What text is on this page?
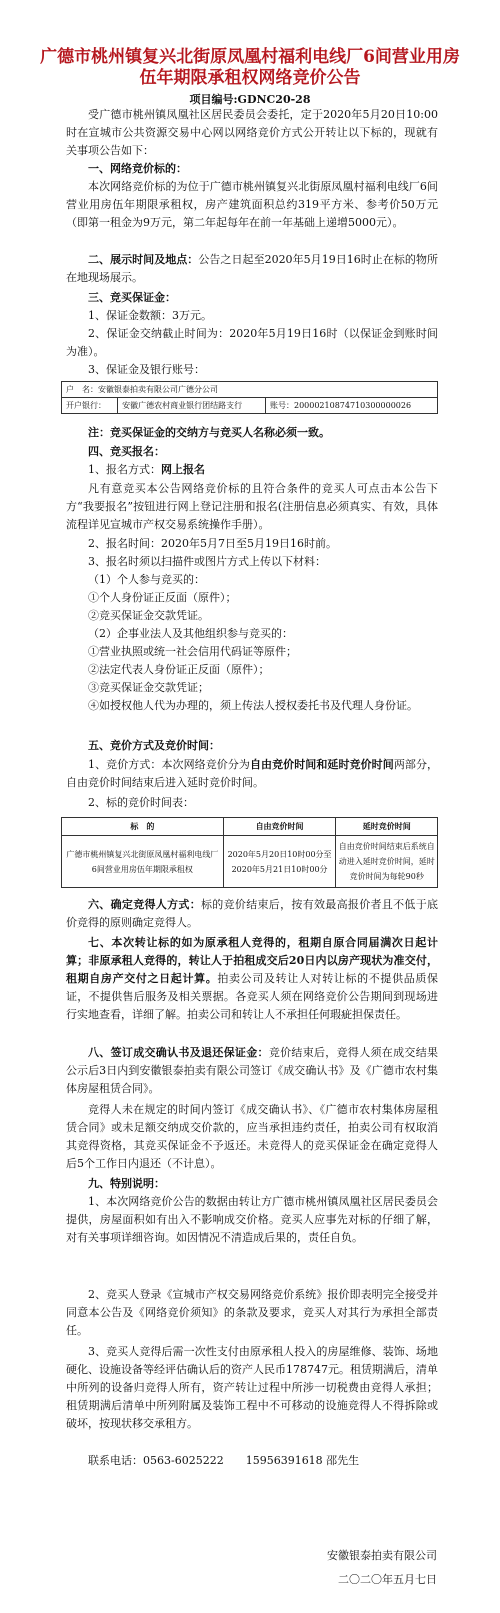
广德市桃州镇复兴北街原凤凰村福利电线厂6间营业用房伍年期限承租权网络竞价公告
项目编号:GDNC20-28
受广德市桃州镇凤凰社区居民委员会委托，定于2020年5月20日10:00时在宣城市公共资源交易中心网以网络竞价方式公开转让以下标的，现就有关事项公告如下：
一、网络竞价标的：
本次网络竞价标的为位于广德市桃州镇复兴北街原凤凰村福利电线厂6间营业用房伍年期限承租权，房产建筑面积总约319平方米、参考价50万元（即第一租金为9万元，第二年起每年在前一年基础上递增5000元）。
二、展示时间及地点：公告之日起至2020年5月19日16时止在标的物所在地现场展示。
三、竞买保证金：
1、保证金数额：3万元。
2、保证金交纳截止时间为：2020年5月19日16时（以保证金到账时间为准）。
3、保证金及银行账号：
户　名：安徽银泰拍卖有限公司广德分公司
开户银行：	安徽广德农村商业银行团结路支行	账号：20000210874710300000026
注：竞买保证金的交纳方与竞买人名称必须一致。
四、竞买报名：
1、报名方式：网上报名
凡有意竞买本公告网络竞价标的且符合条件的竞买人可点击本公告下方“我要报名”按钮进行网上登记注册和报名(注册信息必须真实、有效，具体流程详见宣城市产权交易系统操作手册）。
2、报名时间：2020年5月7日至5月19日16时前。
3、报名时须以扫描件或图片方式上传以下材料：
（1）个人参与竞买的：
①个人身份证正反面（原件）；
②竞买保证金交款凭证。
（2）企事业法人及其他组织参与竞买的：
①营业执照或统一社会信用代码证等原件；
②法定代表人身份证正反面（原件）；
③竞买保证金交款凭证；
④如授权他人代为办理的，须上传法人授权委托书及代理人身份证。
五、竞价方式及竞价时间：
1、竞价方式：本次网络竞价分为自由竞价时间和延时竞价时间两部分，自由竞价时间结束后进入延时竞价时间。
2、标的竞价时间表：
标　的	自由竞价时间	延时竞价时间
广德市桃州镇复兴北街原凤凰村福利电线厂6间营业用房伍年期限承租权	2020年5月20日10时00分至2020年5月21日10时00分	自由竞价时间结束后系统自动进入延时竞价时间，延时竞价时间为每轮90秒
六、确定竞得人方式：标的竞价结束后，按有效最高报价者且不低于底价竞得的原则确定竞得人。
七、本次转让标的如为原承租人竞得的，租期自原合同届满次日起计算；非原承租人竞得的，转让人于拍租成交后20日内以房产现状为准交付，租期自房产交付之日起计算。拍卖公司及转让人对转让标的不提供品质保证，不提供售后服务及相关票据。各竞买人须在网络竞价公告期间到现场进行实地查看，详细了解。拍卖公司和转让人不承担任何瑕疵担保责任。
八、签订成交确认书及退还保证金：竞价结束后，竞得人须在成交结果公示后3日内到安徽银泰拍卖有限公司签订《成交确认书》及《广德市农村集体房屋租赁合同》。
竞得人未在规定的时间内签订《成交确认书》、《广德市农村集体房屋租赁合同》或未足额交纳成交价款的，应当承担违约责任，拍卖公司有权取消其竞得资格，其竞买保证金不予返还。未竞得人的竞买保证金在确定竞得人后5个工作日内退还（不计息）。
九、特别说明：
1、本次网络竞价公告的数据由转让方广德市桃州镇凤凰社区居民委员会提供，房屋面积如有出入不影响成交价格。竞买人应事先对标的仔细了解，对有关事项详细咨询。如因情况不清造成后果的，责任自负。
2、竞买人登录《宣城市产权交易网络竞价系统》报价即表明完全接受并同意本公告及《网络竞价须知》的条款及要求，竞买人对其行为承担全部责任。
3、竞买人竞得后需一次性支付由原承租人投入的房屋维修、装饰、场地硬化、设施设备等经评估确认后的资产人民币178747元。租赁期满后，清单中所列的设备归竞得人所有，资产转让过程中所涉一切税费由竞得人承担；租赁期满后清单中所列附属及装饰工程中不可移动的设施竞得人不得拆除或破坏，按现状移交承租方。
联系电话：0563-6025222　　15956391618 邵先生
安徽银泰拍卖有限公司
二〇二〇年五月七日
